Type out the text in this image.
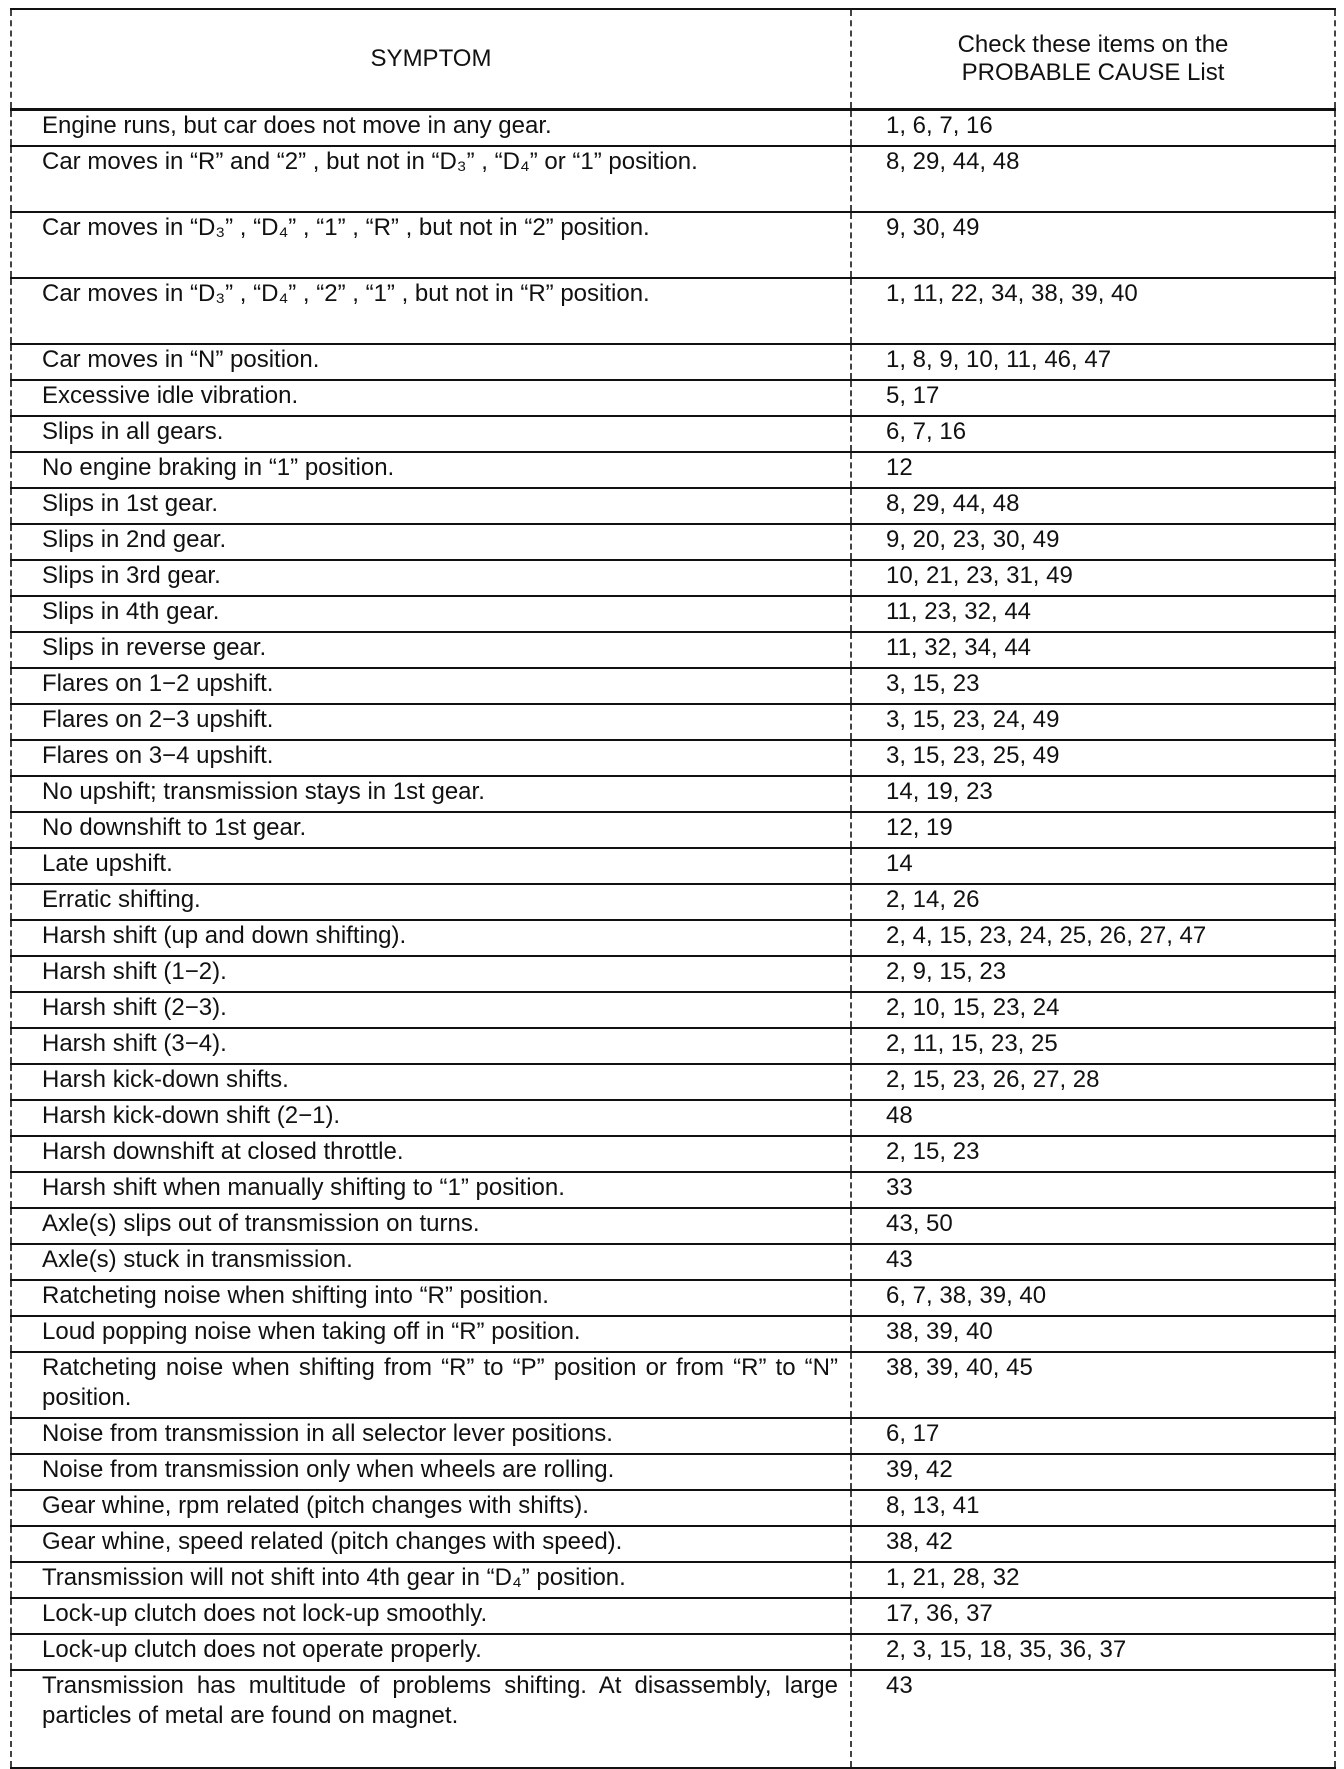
SYMPTOM	Check these items on the
PROBABLE CAUSE List

Engine runs, but car does not move in any gear.	1, 6, 7, 16
Car moves in “R” and “2” , but not in “D₃” , “D₄” or “1” position.	8, 29, 44, 48
Car moves in “D₃” , “D₄” , “1” , “R” , but not in “2” position.	9, 30, 49
Car moves in “D₃” , “D₄” , “2” , “1” , but not in “R” position.	1, 11, 22, 34, 38, 39, 40
Car moves in “N” position.	1, 8, 9, 10, 11, 46, 47
Excessive idle vibration.	5, 17
Slips in all gears.	6, 7, 16
No engine braking in “1” position.	12
Slips in 1st gear.	8, 29, 44, 48
Slips in 2nd gear.	9, 20, 23, 30, 49
Slips in 3rd gear.	10, 21, 23, 31, 49
Slips in 4th gear.	11, 23, 32, 44
Slips in reverse gear.	11, 32, 34, 44
Flares on 1−2 upshift.	3, 15, 23
Flares on 2−3 upshift.	3, 15, 23, 24, 49
Flares on 3−4 upshift.	3, 15, 23, 25, 49
No upshift; transmission stays in 1st gear.	14, 19, 23
No downshift to 1st gear.	12, 19
Late upshift.	14
Erratic shifting.	2, 14, 26
Harsh shift (up and down shifting).	2, 4, 15, 23, 24, 25, 26, 27, 47
Harsh shift (1−2).	2, 9, 15, 23
Harsh shift (2−3).	2, 10, 15, 23, 24
Harsh shift (3−4).	2, 11, 15, 23, 25
Harsh kick-down shifts.	2, 15, 23, 26, 27, 28
Harsh kick-down shift (2−1).	48
Harsh downshift at closed throttle.	2, 15, 23
Harsh shift when manually shifting to “1” position.	33
Axle(s) slips out of transmission on turns.	43, 50
Axle(s) stuck in transmission.	43
Ratcheting noise when shifting into “R” position.	6, 7, 38, 39, 40
Loud popping noise when taking off in “R” position.	38, 39, 40
Ratcheting noise when shifting from “R” to “P” position or from “R” to “N” position.	38, 39, 40, 45
Noise from transmission in all selector lever positions.	6, 17
Noise from transmission only when wheels are rolling.	39, 42
Gear whine, rpm related (pitch changes with shifts).	8, 13, 41
Gear whine, speed related (pitch changes with speed).	38, 42
Transmission will not shift into 4th gear in “D₄” position.	1, 21, 28, 32
Lock-up clutch does not lock-up smoothly.	17, 36, 37
Lock-up clutch does not operate properly.	2, 3, 15, 18, 35, 36, 37
Transmission has multitude of problems shifting. At disassembly, large particles of metal are found on magnet.	43
